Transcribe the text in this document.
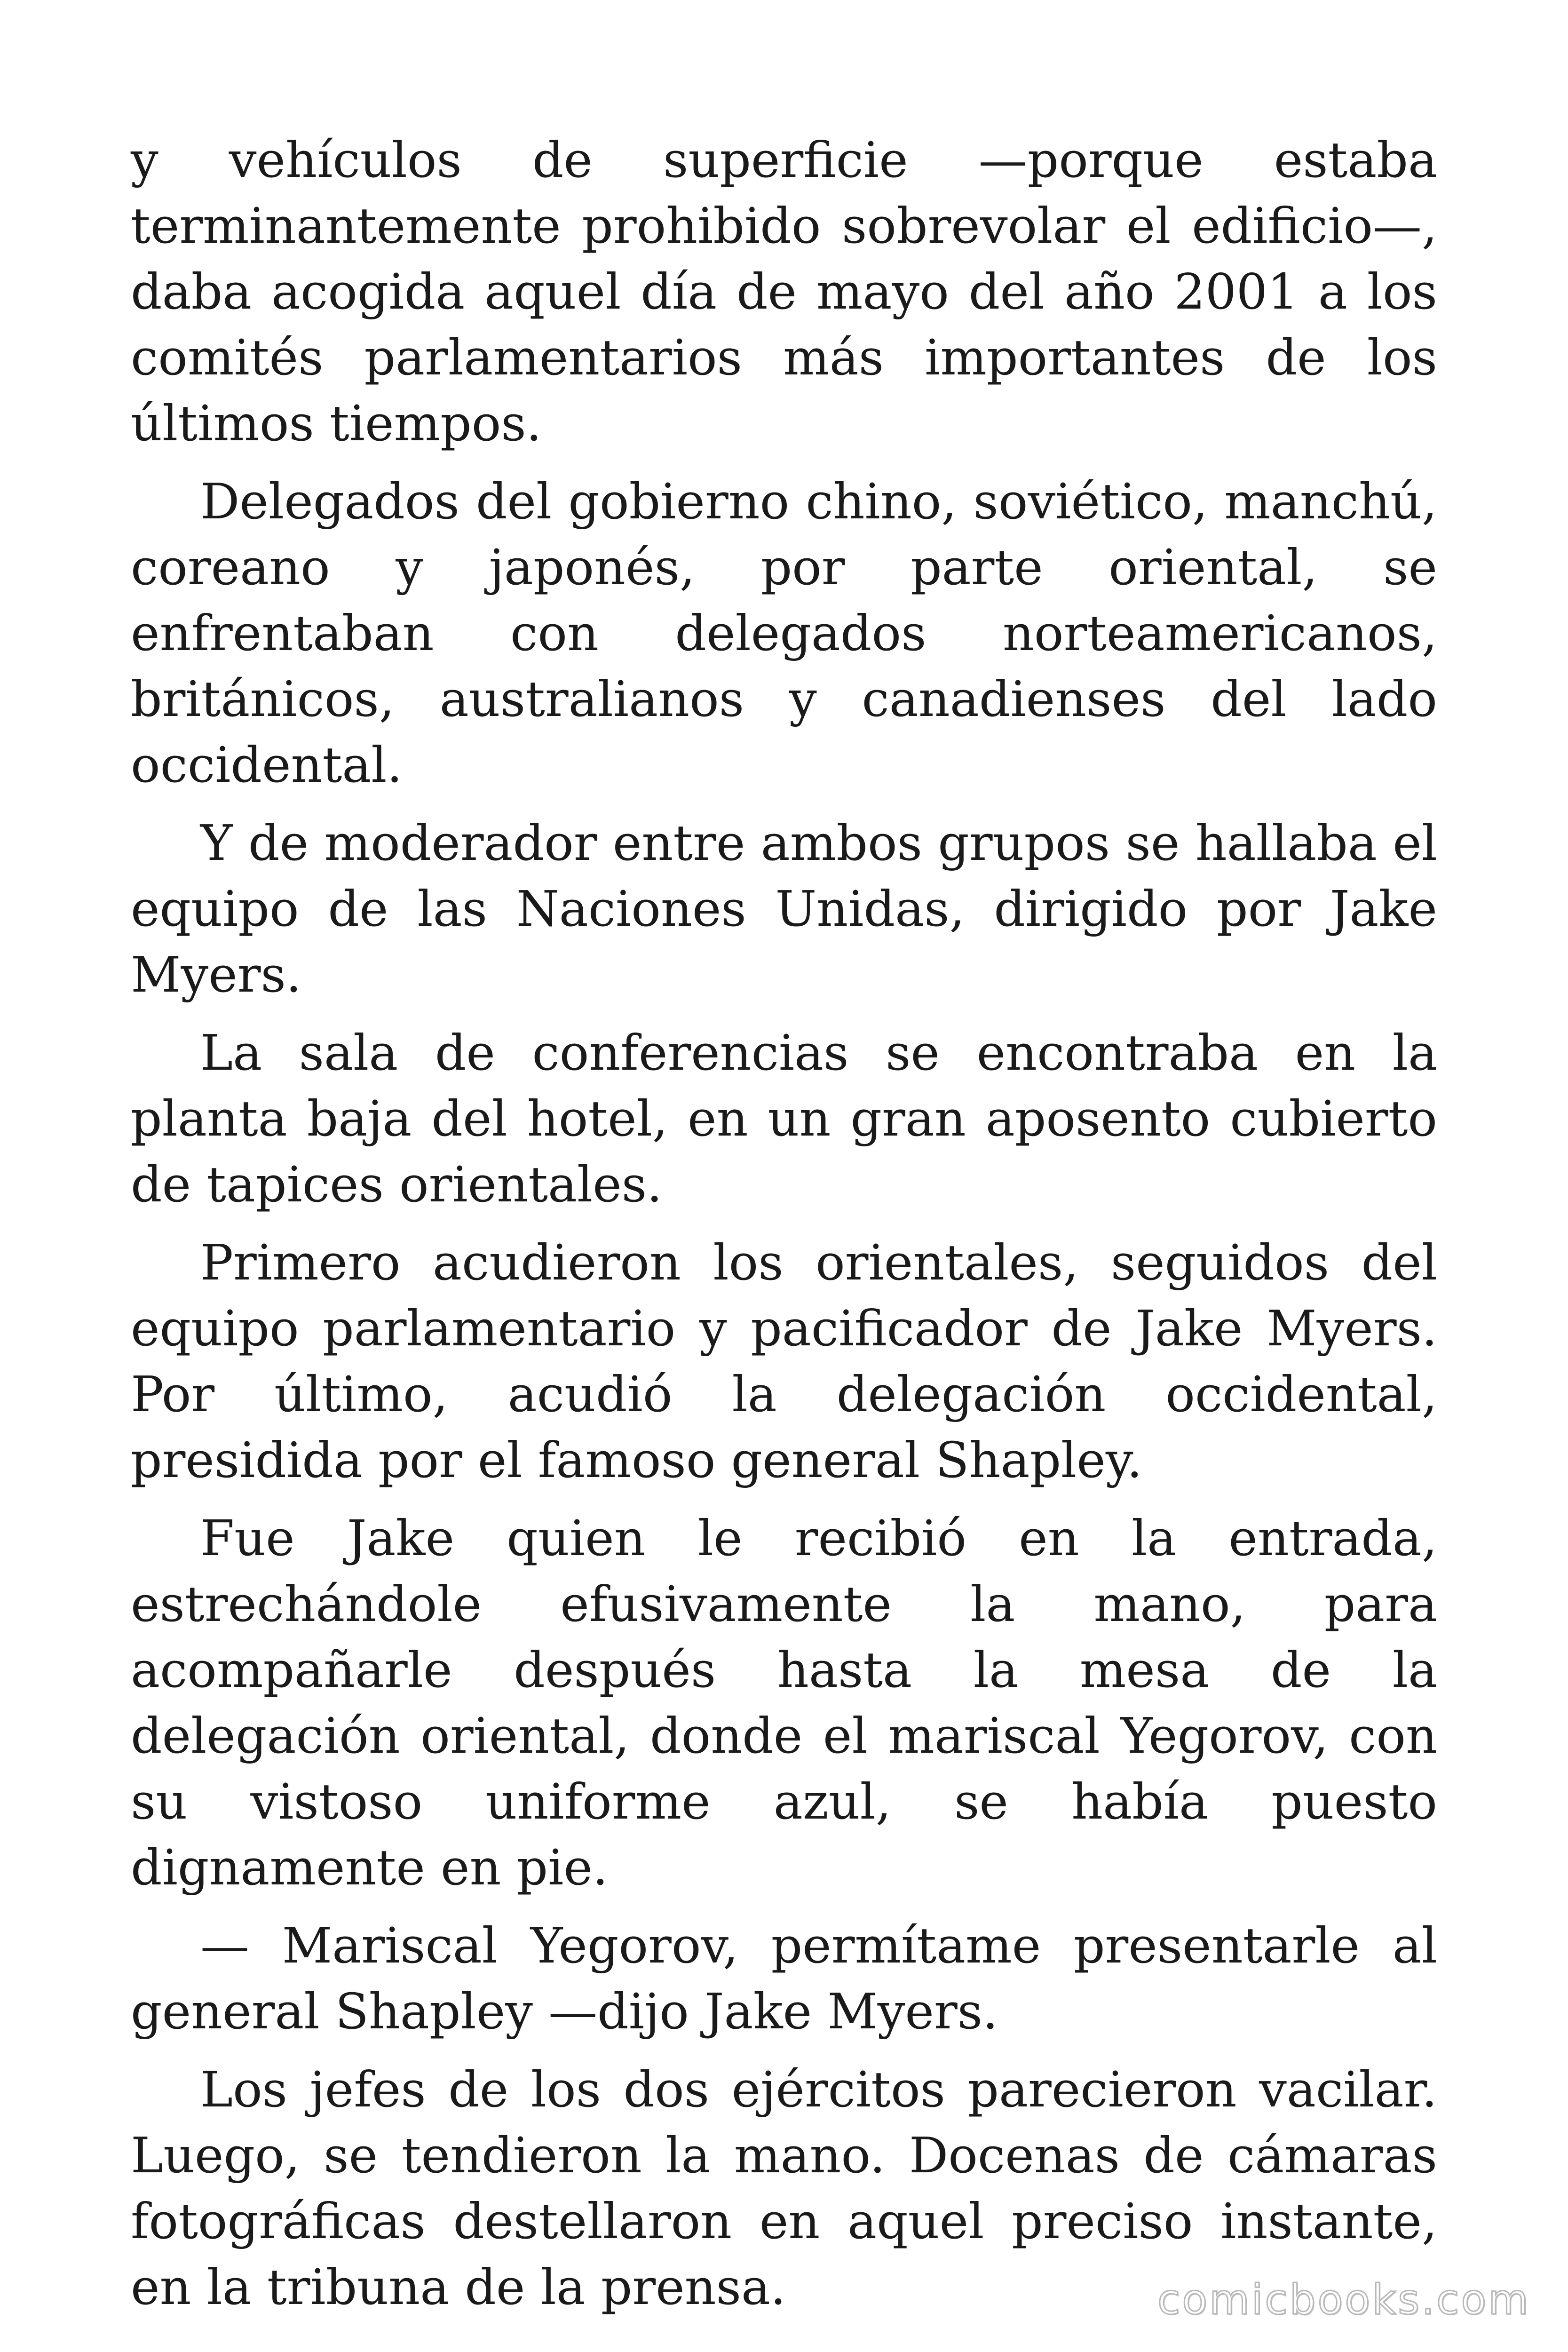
y vehículos de superficie —porque estaba terminantemente prohibido sobrevolar el edificio—, daba acogida aquel día de mayo del año 2001 a los comités parlamentarios más importantes de los últimos tiempos.

Delegados del gobierno chino, soviético, manchú, coreano y japonés, por parte oriental, se enfrentaban con delegados norteamericanos, británicos, australianos y canadienses del lado occidental.

Y de moderador entre ambos grupos se hallaba el equipo de las Naciones Unidas, dirigido por Jake Myers.

La sala de conferencias se encontraba en la planta baja del hotel, en un gran aposento cubierto de tapices orientales.

Primero acudieron los orientales, seguidos del equipo parlamentario y pacificador de Jake Myers. Por último, acudió la delegación occidental, presidida por el famoso general Shapley.

Fue Jake quien le recibió en la entrada, estrechándole efusivamente la mano, para acompañarle después hasta la mesa de la delegación oriental, donde el mariscal Yegorov, con su vistoso uniforme azul, se había puesto dignamente en pie.

— Mariscal Yegorov, permítame presentarle al general Shapley —dijo Jake Myers.

Los jefes de los dos ejércitos parecieron vacilar. Luego, se tendieron la mano. Docenas de cámaras fotográficas destellaron en aquel preciso instante, en la tribuna de la prensa.	comicbooks.com
